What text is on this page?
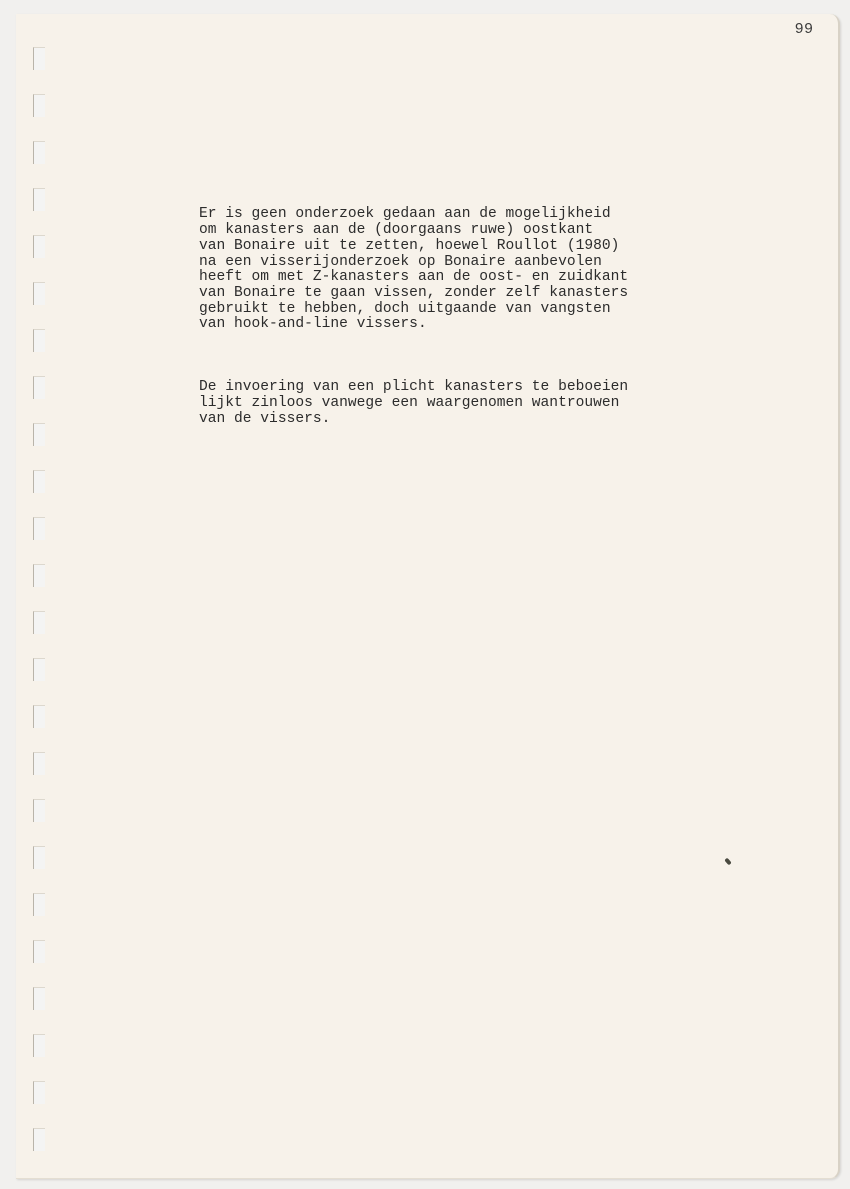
99

Er is geen onderzoek gedaan aan de mogelijkheid
om kanasters aan de (doorgaans ruwe) oostkant
van Bonaire uit te zetten, hoewel Roullot (1980)
na een visserijonderzoek op Bonaire aanbevolen
heeft om met Z-kanasters aan de oost- en zuidkant
van Bonaire te gaan vissen, zonder zelf kanasters
gebruikt te hebben, doch uitgaande van vangsten
van hook-and-line vissers.

De invoering van een plicht kanasters te beboeien
lijkt zinloos vanwege een waargenomen wantrouwen
van de vissers.
